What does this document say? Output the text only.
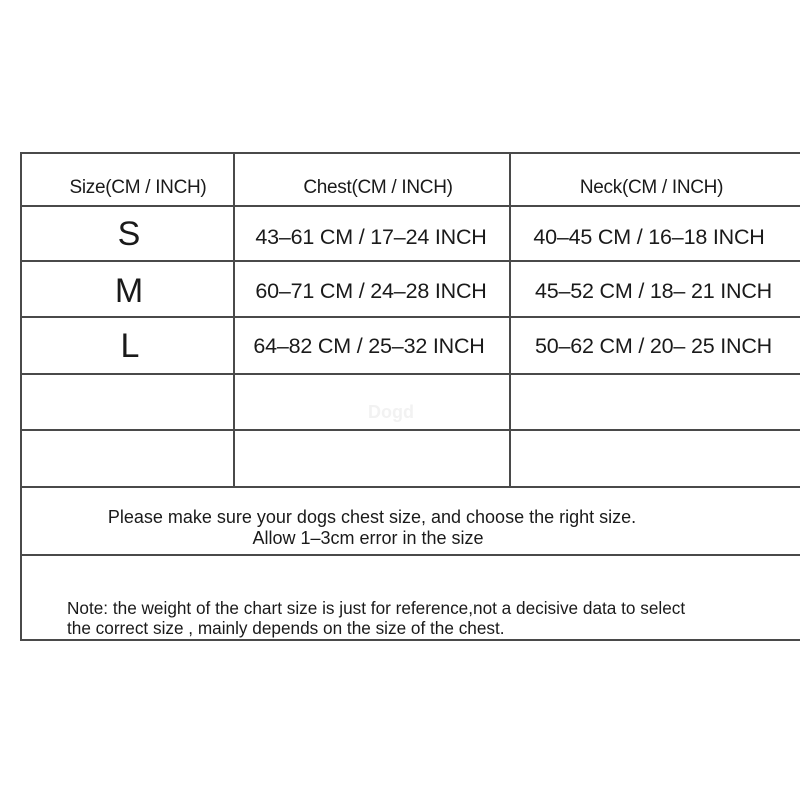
Size(CM / INCH)	Chest(CM / INCH)	Neck(CM / INCH)
S	43–61 CM / 17–24 INCH	40–45 CM / 16–18 INCH
M	60–71 CM / 24–28 INCH	45–52 CM / 18– 21 INCH
L	64–82 CM / 25–32 INCH	50–62 CM / 20– 25 INCH
Dogd
Please make sure your dogs chest size, and choose the right size.
Allow 1–3cm error in the size
Note: the weight of the chart size is just for reference,not a decisive data to select
the correct size , mainly depends on the size of the chest.
